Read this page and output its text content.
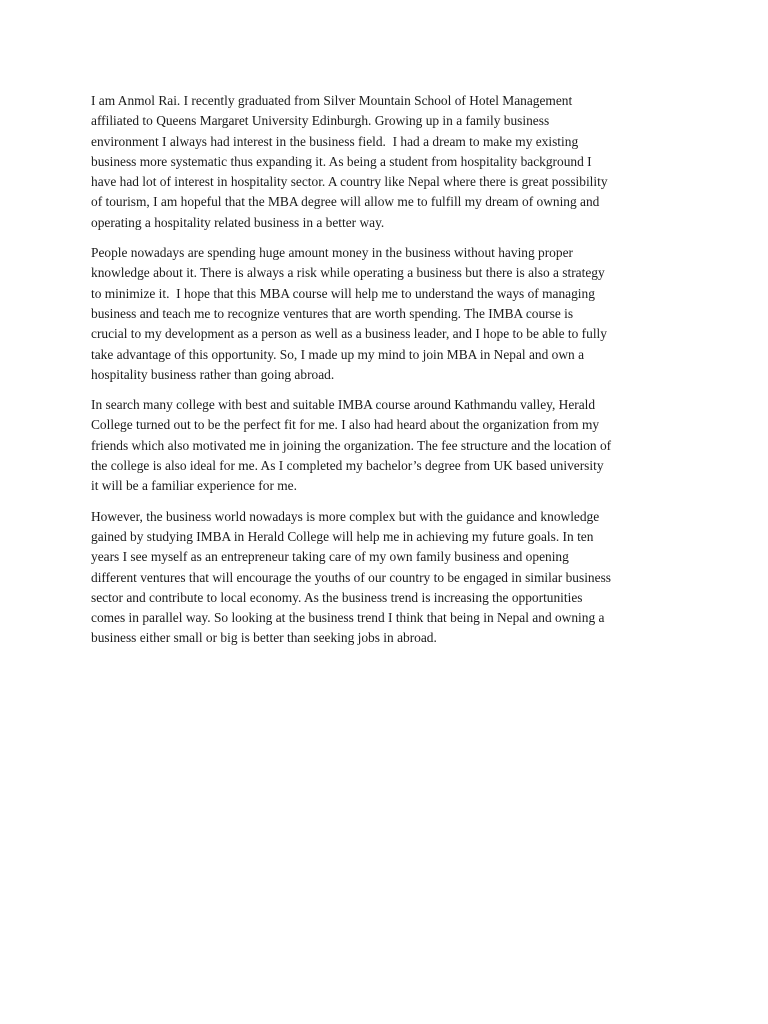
I am Anmol Rai. I recently graduated from Silver Mountain School of Hotel Management
affiliated to Queens Margaret University Edinburgh. Growing up in a family business
environment I always had interest in the business field.  I had a dream to make my existing
business more systematic thus expanding it. As being a student from hospitality background I
have had lot of interest in hospitality sector. A country like Nepal where there is great possibility
of tourism, I am hopeful that the MBA degree will allow me to fulfill my dream of owning and
operating a hospitality related business in a better way.

People nowadays are spending huge amount money in the business without having proper
knowledge about it. There is always a risk while operating a business but there is also a strategy
to minimize it.  I hope that this MBA course will help me to understand the ways of managing
business and teach me to recognize ventures that are worth spending. The IMBA course is
crucial to my development as a person as well as a business leader, and I hope to be able to fully
take advantage of this opportunity. So, I made up my mind to join MBA in Nepal and own a
hospitality business rather than going abroad.

In search many college with best and suitable IMBA course around Kathmandu valley, Herald
College turned out to be the perfect fit for me. I also had heard about the organization from my
friends which also motivated me in joining the organization. The fee structure and the location of
the college is also ideal for me. As I completed my bachelor’s degree from UK based university
it will be a familiar experience for me.

However, the business world nowadays is more complex but with the guidance and knowledge
gained by studying IMBA in Herald College will help me in achieving my future goals. In ten
years I see myself as an entrepreneur taking care of my own family business and opening
different ventures that will encourage the youths of our country to be engaged in similar business
sector and contribute to local economy. As the business trend is increasing the opportunities
comes in parallel way. So looking at the business trend I think that being in Nepal and owning a
business either small or big is better than seeking jobs in abroad.
